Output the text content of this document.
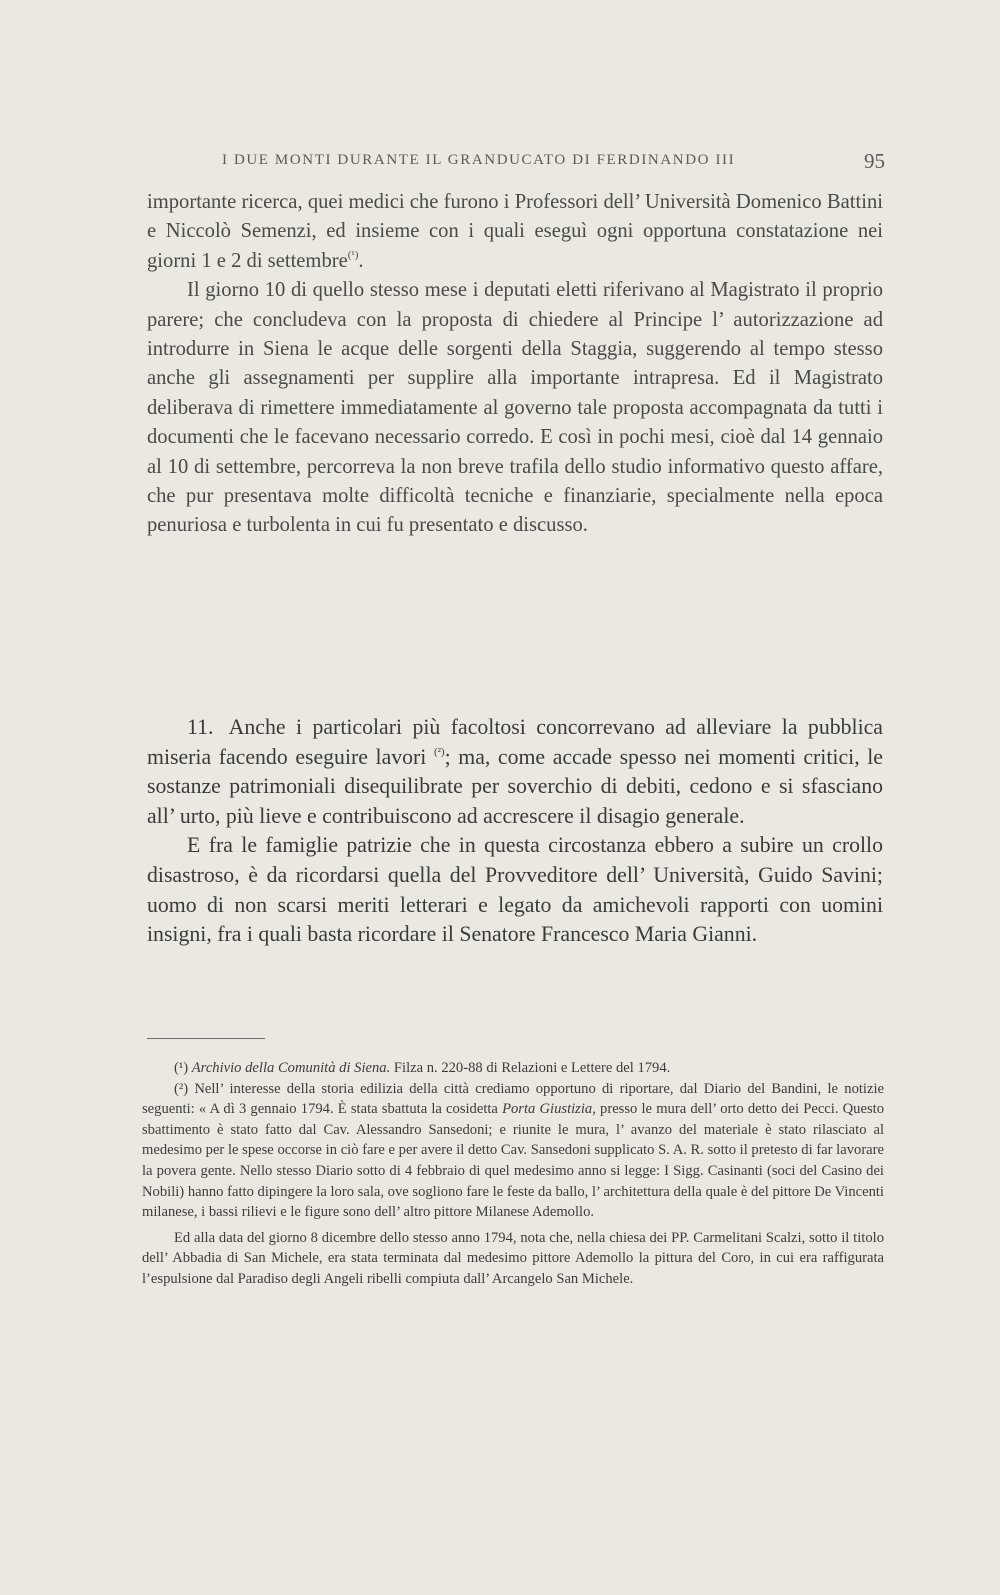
I DUE MONTI DURANTE IL GRANDUCATO DI FERDINANDO III	95

importante ricerca, quei medici che furono i Professori dell’ Università Domenico Battini e Niccolò Semenzi, ed insieme con i quali eseguì ogni opportuna constatazione nei giorni 1 e 2 di settembre$^{(^1)}$.

Il giorno 10 di quello stesso mese i deputati eletti riferivano al Magistrato il proprio parere; che concludeva con la proposta di chiedere al Principe l’ autorizzazione ad introdurre in Siena le acque delle sorgenti della Staggia, suggerendo al tempo stesso anche gli assegnamenti per supplire alla importante intrapresa. Ed il Magistrato deliberava di rimettere immediatamente al governo tale proposta accompagnata da tutti i documenti che le facevano necessario corredo. E così in pochi mesi, cioè dal 14 gennaio al 10 di settembre, percorreva la non breve trafila dello studio informativo questo affare, che pur presentava molte difficoltà tecniche e finanziarie, specialmente nella epoca penuriosa e turbolenta in cui fu presentato e discusso.

11. Anche i particolari più facoltosi concorrevano ad alleviare la pubblica miseria facendo eseguire lavori $^{(^2)}$; ma, come accade spesso nei momenti critici, le sostanze patrimoniali disequilibrate per soverchio di debiti, cedono e si sfasciano all’ urto, più lieve e contribuiscono ad accrescere il disagio generale.

E fra le famiglie patrizie che in questa circostanza ebbero a subire un crollo disastroso, è da ricordarsi quella del Provveditore dell’ Università, Guido Savini; uomo di non scarsi meriti letterari e legato da amichevoli rapporti con uomini insigni, fra i quali basta ricordare il Senatore Francesco Maria Gianni.

(¹) Archivio della Comunità di Siena. Filza n. 220-88 di Relazioni e Lettere del 1794.

(²) Nell’ interesse della storia edilizia della città crediamo opportuno di riportare, dal Diario del Bandini, le notizie seguenti: « A dì 3 gennaio 1794. È stata sbattuta la cosidetta Porta Giustizia, presso le mura dell’ orto detto dei Pecci. Questo sbattimento è stato fatto dal Cav. Alessandro Sansedoni; e riunite le mura, l’ avanzo del materiale è stato rilasciato al medesimo per le spese occorse in ciò fare e per avere il detto Cav. Sansedoni supplicato S. A. R. sotto il pretesto di far lavorare la povera gente. Nello stesso Diario sotto di 4 febbraio di quel medesimo anno si legge: I Sigg. Casinanti (soci del Casino dei Nobili) hanno fatto dipingere la loro sala, ove sogliono fare le feste da ballo, l’ architettura della quale è del pittore De Vincenti milanese, i bassi rilievi e le figure sono dell’ altro pittore Milanese Ademollo.

Ed alla data del giorno 8 dicembre dello stesso anno 1794, nota che, nella chiesa dei PP. Carmelitani Scalzi, sotto il titolo dell’ Abbadia di San Michele, era stata terminata dal medesimo pittore Ademollo la pittura del Coro, in cui era raffigurata l’espulsione dal Paradiso degli Angeli ribelli compiuta dall’ Arcangelo San Michele.
